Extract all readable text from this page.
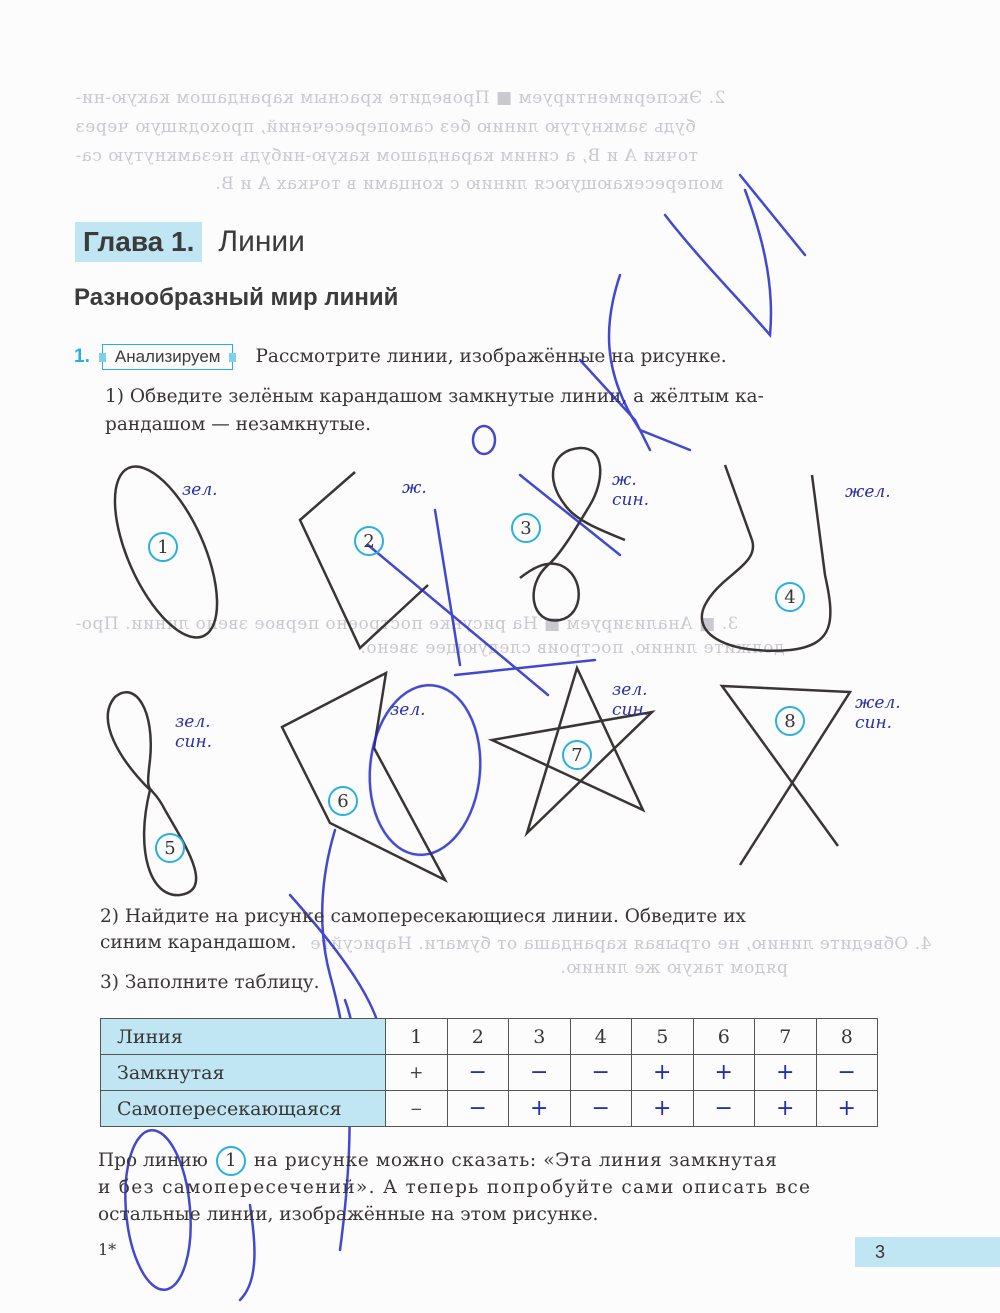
2. Экспериментируем ■ Проведите красным карандашом какую-ни-
будь замкнутую линию без самопересечений, проходящую через
точки A и B, а синим карандашом какую-нибудь незамкнутую са-
мопересекающуюся линию с концами в точках A и B.
3. ■ Анализируем ■ На рисунке построено первое звено линии. Про-
должите линию, построив следующее звено.
4. Обведите линию, не отрывая карандаша от бумаги. Нарисуйте
рядом такую же линию.
Глава 1. Линии
Разнообразный мир линий
1.	Анализируем	Рассмотрите линии, изображённые на рисунке.
1) Обведите зелёным карандашом замкнутые линии, а жёлтым ка-
рандашом — незамкнутые.
1	2
3
4
5
6
7
8
зел.	ж.	ж. син.	жел.
зел. син.
зел.
зел. син.	жел. син.
2) Найдите на рисунке самопересекающиеся линии. Обведите их
синим карандашом.
3) Заполните таблицу.
Линия	1	2	3	4	5	6	7	8
Замкнутая	+	−	−	−	+	+	+	−
Самопересекающаяся	−	−	+	−	+	−	+	+
Про линию 1 на рисунке можно сказать: «Эта линия замкнутая
и без самопересечений». А теперь попробуйте сами описать все
остальные линии, изображённые на этом рисунке.
1*	3
